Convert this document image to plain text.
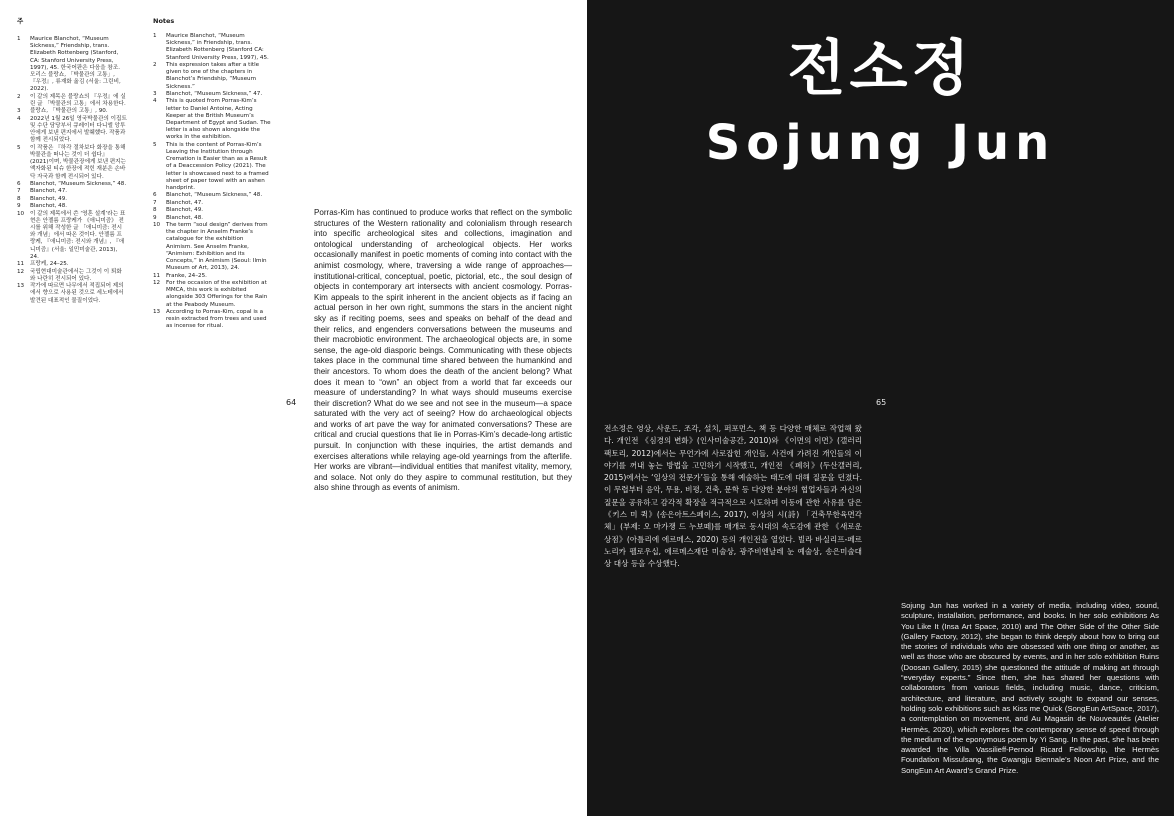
주
1 Maurice Blanchot, “Museum Sickness,” Friendship, trans. Elizabeth Rottenberg (Stanford, CA: Stanford University Press, 1997), 45. 한국어판은 다음을 참조. 모리스 블랑쇼, 「박물관의 고통」, 『우정』, 류재화 옮김 (서울: 그린비, 2022).
2 이 같의 제목은 블랑쇼의 『우정』에 실린 글 「박물관의 고통」에서 차용한다.
3 블랑쇼, 「박물관의 고통」, 90.
4 2022년 1월 26일 영국박물관의 이집트 및 수단 담당부서 큐레이터 다니엘 앙투안에게 보낸 편지에서 발췌했다. 작품과 함께 전시되었다.
5 이 작품은 『하각 절차보다 화장을 통해 박물관을 떠나는 것이 더 쉽다』 (2021)이며, 박물관장에게 보낸 편지는 액자화된 티슈 한장에 적힌 재분은 손바닥 자국과 함께 전시되어 있다.
6 Blanchot, “Museum Sickness,” 48.
7 Blanchot, 47.
8 Blanchot, 49.
9 Blanchot, 48.
10 이 같의 제목에서 쓴 ‘영혼 설계’라는 표현은 안젤름 프랑케가 《애니미즘》 전시를 위해 작성한 글 「애니미즘: 전시와 개념」에서 따온 것이다. 안젤름 프랑케, 『애니미즘: 전시와 개념』, 『애니미즘』(서울: 일민미술관, 2013), 24.
11 프랑케, 24–25.
12 국립현대미술관에서는 그것이 이 퇴화와 나란히 전시되어 있다.
13 작가에 따르면 나무에서 적집되어 제의에서 향으로 사용된 것으로 세노테에서 발견된 대표적인 물질이었다.
Notes
1 Maurice Blanchot, “Museum Sickness,” in Friendship, trans. Elizabeth Rottenberg (Stanford CA: Stanford University Press, 1997), 45.
2 This expression takes after a title given to one of the chapters in Blanchot’s Friendship, “Museum Sickness.”
3 Blanchot, “Museum Sickness,” 47.
4 This is quoted from Porras-Kim’s letter to Daniel Antoine, Acting Keeper at the British Museum’s Department of Egypt and Sudan. The letter is also shown alongside the works in the exhibition.
5 This is the content of Porras-Kim’s Leaving the Institution through Cremation is Easier than as a Result of a Deaccession Policy (2021). The letter is showcased next to a framed sheet of paper towel with an ashen handprint.
6 Blanchot, “Museum Sickness,” 48.
7 Blanchot, 47.
8 Blanchot, 49.
9 Blanchot, 48.
10 The term “soul design” derives from the chapter in Anselm Franke’s catalogue for the exhibition Animism. See Anselm Franke, “Animism: Exhibition and its Concepts,” in Animism (Seoul: Ilmin Museum of Art, 2013), 24.
11 Franke, 24–25.
12 For the occasion of the exhibition at MMCA, this work is exhibited alongside 303 Offerings for the Rain at the Peabody Museum.
13 According to Porras-Kim, copal is a resin extracted from trees and used as incense for ritual.

Porras-Kim has continued to produce works that reflect on the symbolic structures of the Western rationality and colonialism through research into specific archeological sites and collections, imagination and ontological understanding of archeological objects. Her works occasionally manifest in poetic moments of coming into contact with the animist cosmology, where, traversing a wide range of approaches—institutional-critical, conceptual, poetic, pictorial, etc., the soul design of objects in contemporary art intersects with ancient cosmology. Porras-Kim appeals to the spirit inherent in the ancient objects as if facing an actual person in her own right, summons the stars in the ancient night sky as if reciting poems, sees and speaks on behalf of the dead and their relics, and engenders conversations between the museums and their macrobiotic environment. The archaeological objects are, in some sense, the age-old diasporic beings. Communicating with these objects takes place in the communal time shared between the humankind and their ancestors. To whom does the death of the ancient belong? What does it mean to “own” an object from a world that far exceeds our measure of understanding? In what ways should museums exercise their discretion? What do we see and not see in the museum—a space saturated with the very act of seeing? How do archaeological objects and works of art pave the way for animated conversations? These are critical and crucial questions that lie in Porras-Kim’s decade-long artistic pursuit. In conjunction with these inquiries, the artist demands and exercises alterations while relaying age-old yearnings from the afterlife. Her works are vibrant—individual entities that manifest vitality, memory, and solace. Not only do they aspire to communal restitution, but they also shine through as events of animism.

64
전소정
Sojung Jun
65

전소정은 영상, 사운드, 조각, 설치, 퍼포먼스, 책 등 다양한 매체로 작업해 왔다. 개인전 《심경의 변화》(인사미술공간, 2010)와 《이면의 이면》(갤러리 팩토리, 2012)에서는 무언가에 사로잡힌 개인들, 사건에 가려진 개인들의 이야기를 꺼내 놓는 방법을 고민하기 시작했고, 개인전 《폐허》(두산갤러리, 2015)에서는 ‘일상의 전문가’들을 통해 예술하는 태도에 대해 질문을 던졌다. 이 무렵부터 음악, 무용, 비평, 건축, 문학 등 다양한 분야의 협업자들과 자신의 질문을 공유하고 감각적 확장을 적극적으로 시도하며 이동에 관한 사유를 담은 《키스 미 퀵》(송은아트스페이스, 2017), 이상의 시(詩) 「건축무한육면각체」(부제: 오 마가쟁 드 누보떼)를 매개로 동시대의 속도감에 관한 《새로운 상점》(아틀리에 에르메스, 2020) 등의 개인전을 열었다. 빌라 바실리프-페르노리카 펠로우십, 에르메스재단 미술상, 광주비엔날레 눈 예술상, 송은미술대상 대상 등을 수상했다.

Sojung Jun has worked in a variety of media, including video, sound, sculpture, installation, performance, and books. In her solo exhibitions As You Like It (Insa Art Space, 2010) and The Other Side of the Other Side (Gallery Factory, 2012), she began to think deeply about how to bring out the stories of individuals who are obsessed with one thing or another, as well as those who are obscured by events, and in her solo exhibition Ruins (Doosan Gallery, 2015) she questioned the attitude of making art through “everyday experts.” Since then, she has shared her questions with collaborators from various fields, including music, dance, criticism, architecture, and literature, and actively sought to expand our senses, holding solo exhibitions such as Kiss me Quick (SongEun ArtSpace, 2017), a contemplation on movement, and Au Magasin de Nouveautés (Atelier Hermès, 2020), which explores the contemporary sense of speed through the medium of the eponymous poem by Yi Sang. In the past, she has been awarded the Villa Vassilieff-Pernod Ricard Fellowship, the Hermès Foundation Missulsang, the Gwangju Biennale’s Noon Art Prize, and the SongEun Art Award’s Grand Prize.
